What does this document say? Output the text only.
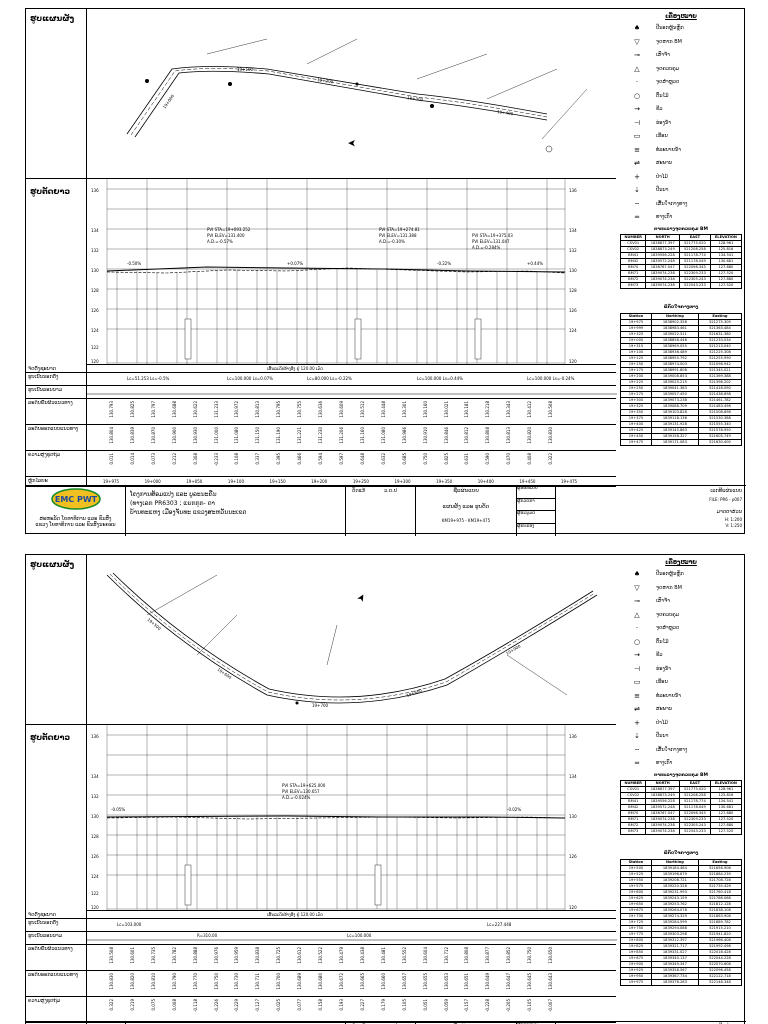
ຮູບແຜນຜັງ
19+000
19+100
19+200
19+300
19+400
➤
ຮູບຕັດຍາວ	136
134
132
130
128
126
124
122
120
136
134
132
130
128
126
124
120
PVI STA=19+093.252
PVI ELEV=131.400
A.D.=-0.57%
PVI STA=19+274.81
PVI ELEV=131.388
A.D.=-0.30%
PVI STA=19+375.03
PVI ELEV=131.047
A.D.=-0.284%
-0.50%	+0.07%	-0.22%	+0.44%
ຈັດຕັ້ງຊະນາດ	ເສັ້ນລະດັບອ້າງອີງ ຢູ່ 120.00 ເມັດ
ຮູບເນີ້ນນອກຕັ້ງ	Lc=51.253 Ls=-0.5%	Lc=100.000 Ls=0.07%	Lc=80.000 Ls=-0.22%	Lc=100.000 Ls=0.44%	Lc=100.000 Ls=-0.24%
ຮູບເນີ້ນລອນນາມ
ລະດັບພື້ນຜິວແນວທາງ	130.793	130.825	130.797	130.688	130.622	131.233	130.972	130.813	130.795	130.755	130.636	130.609	130.512	130.448	130.301	130.160	130.021	130.181	130.218	130.343	130.412	130.508
ລະດັບອອກແບບແນວທາງ	130.804	130.839	130.870	130.900	130.930	131.000	131.080	131.150	131.190	131.221	131.230	131.206	131.160	131.080	130.986	130.910	130.846	130.812	130.808	130.813	130.820	130.830
ຄວາມສູງຂຸດຖົມ	0.011	0.014	0.073	0.212	0.308	-0.233	0.108	0.337	0.395	0.466	0.594	0.597	0.648	0.632	0.685	0.750	0.825	0.631	0.590	0.470	0.408	0.322
ຫຼັກໄລຍະ	19+975	19+000	19+050	19+100	19+150	19+200	19+250	19+300	19+350	19+400	19+450	19+475
EMC PWT
ສະຫະລັດ ໂຍທາທິການ ແລະ ຂົນສົ່ງ
ແຂວງ ໂຍທາທິການ ແລະ ຂົນສົ່ງນະຄອນ
ໂຄງການສ້ອມແປງ ແລະ ບູລະນະຄືນ
(ທາງເລກ PR6303 ; ແຍກກຸກ- ດາ
ບ້ານທະແຫງ ເມືອງຈັນທະ ແຂວງສະຫວັນນະເຂດ
ດັດແກ້	ວ.ດ.ປ	ຊື່ແຜ່ນແບບ
ແຜນຜັງ ແລະ ຮູບຕັດ
KM19+975 - KM19+475
ຜູ້ອອກແບບ
ຜູ້ກວດກາ
ຜູ້ອະນຸມັດ
ຜູ້ຮັບຮອງ
ເຄື່ອງໝາຍ
♠	ປີ່ນອກຫຼ້ນຫຼັກ
▽	ຈຸດຫາກ BM
⊸	ເສົາຈ້ຳ
△	ຈຸດຄວບຄຸມ
·	ຈຸດສຳຫຼວດ
○	ຕົ້ນໄມ້
→	ຂີວ
⊣	ຮ່ອງນ້ຳ
▭	ເຮືອນ
≡	ທໍ່ລະບາຍນ້ຳ
⇌	ສະພານ
+	ປ່າໄມ້
⇣	ປີ່ນນາ
╌	ເສັ້ນໃຈກາງທາງ
═	ທາງເກົ່າ
ຕາຕະລາງຈຸດຄວບຄຸມ BM
NUMBER	NORTH	EAST	ELEVATION
CSV01	1838877.397	521775.020	128.961
CSV02	1838873.249	521208.258	125.816
BM41	1839556.228	521178.774	134.541
BM42	1839572.248	521178.049	130.681
BM70	1838767.047	522098.345	127.880
BM71	1839074.238	522309.233	127.520
BM72	1839074.238	522305.243	127.880
BM73	1839074.238	522543.233	127.520
ພິກັດໃຈກາງທາງ
Station	Northing	Easting
19+975	1838902.358	521275.309
19+999	1838983.461	521363.484
19+325	1839022.311	521631.380
19+000	1838858.448	521233.034
19+315	1838969.055	521213.040
19+100	1838936.489	521225.308
19+125	1838955.792	521255.990
19+150	1838974.003	521098.942
19+175	1838991.808	521345.021
19+200	1839008.853	521369.388
19+225	1839025.215	521398.202
19+250	1839041.383	521416.090
19+275	1839057.450	521438.898
19+300	1839073.238	521461.782
19+325	1839088.709	521483.496
19+350	1839103.828	521508.698
19+375	1839118.136	521530.388
19+400	1839131.928	521555.340
19+425	1839145.863	521578.950
19+450	1839158.327	521605.749
19+475	1839171.083	521630.400
ເລກທີແຜ່ນແບບ
FILE: PR6 - p007
ມາດຕາສ່ວນ
H: 1:200
V: 1:250
ຮູບແຜນຜັງ
19+500
19+600
19+700
19+800
19+900
➤
ຮູບຕັດຍາວ	136
134
132
130
128
126
124
122
120
136
134
130
126
120
PVI STA=19+625.000
PVI ELEV=130.657
A.D.=-0.024%
-0.05%	-0.02%
ຈັດຕັ້ງຊະນາດ	ເສັ້ນລະດັບອ້າງອີງ ຢູ່ 120.00 ເມັດ
ຮູບເນີ້ນນອກຕັ້ງ	Lc=103.000	Lc=227.448
ຮູບເນີ້ນລອນນາມ	R=310.00	Lc=100.000
ລະດັບພື້ນຜິວແນວທາງ	130.508	130.601	130.735	130.782	130.888	130.976	130.959	130.838	130.725	130.612	130.522	130.479	130.438	130.481	130.552	130.604	130.712	130.808	130.877	130.852	130.750	130.650
ລະດັບອອກແບບແນວທາງ	130.830	130.820	130.810	130.790	130.770	130.750	130.730	130.711	130.700	130.689	130.680	130.672	130.665	130.660	130.657	130.655	130.653	130.651	130.649	130.647	130.645	130.643
ຄວາມສູງຂຸດຖົມ	0.322	0.219	0.075	0.008	-0.118	-0.226	-0.229	-0.127	-0.025	0.077	0.158	0.193	0.227	0.179	0.105	0.051	-0.059	-0.157	-0.228	-0.205	-0.105	-0.007
ເຄື່ອງໝາຍ
♠	ປີ່ນອກຫຼ້ນຫຼັກ
▽	ຈຸດຫາກ BM
⊸	ເສົາຈ້ຳ
△	ຈຸດຄວບຄຸມ
·	ຈຸດສຳຫຼວດ
○	ຕົ້ນໄມ້
→	ຂີວ
⊣	ຮ່ອງນ້ຳ
▭	ເຮືອນ
≡	ທໍ່ລະບາຍນ້ຳ
⇌	ສະພານ
+	ປ່າໄມ້
⇣	ປີ່ນນາ
╌	ເສັ້ນໃຈກາງທາງ
═	ທາງເກົ່າ
ຕາຕະລາງຈຸດຄວບຄຸມ BM
NUMBER	NORTH	EAST	ELEVATION
CSV01	1838877.397	521775.020	128.961
CSV02	1838873.249	521208.258	125.816
BM41	1839556.228	521178.774	134.541
BM42	1839572.248	521178.049	130.681
BM70	1838767.047	522098.345	127.880
BM71	1839074.238	522309.233	127.520
BM72	1839074.238	522305.243	127.880
BM73	1839074.238	522543.233	127.520
ພິກັດໃຈກາງທາງ
Station	Northing	Easting
19+500	1839184.484	521656.906
19+525	1839196.679	521684.239
19+550	1839208.721	521708.728
19+575	1839220.328	521735.426
19+600	1839231.993	521760.418
19+625	1839243.159	521786.068
19+650	1839253.762	521812.128
19+675	1839264.078	521838.108
19+700	1839274.329	521863.908
19+725	1839284.599	521889.782
19+750	1839294.088	521915.210
19+775	1839303.298	521941.820
19+800	1839312.397	521966.408
19+825	1839321.717	521992.498
19+850	1839331.027	522018.428
19+875	1839340.137	522044.228
19+900	1839349.347	522070.608
19+925	1839358.567	522096.458
19+950	1839367.734	522122.718
19+975	1839376.283	522148.348
